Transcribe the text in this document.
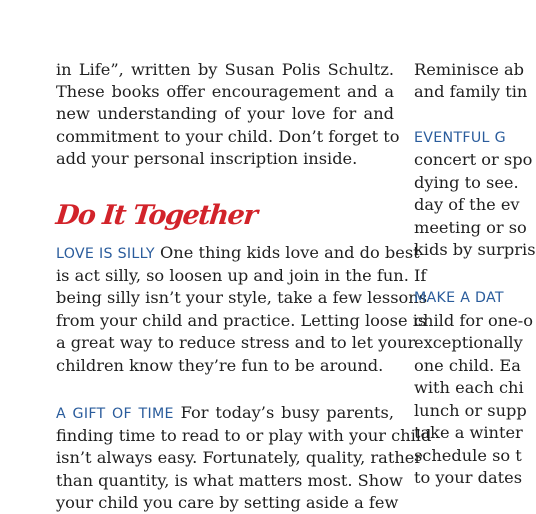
in Life”, written by Susan Polis Schultz.
These books offer encouragement and a
new understanding of your love for and
commitment to your child. Don’t forget to
add your personal inscription inside.
Do It Together
LOVE IS SILLY One thing kids love and do best
is act silly, so loosen up and join in the fun. If
being silly isn’t your style, take a few lessons
from your child and practice. Letting loose is
a great way to reduce stress and to let your
children know they’re fun to be around.
A GIFT OF TIME For today’s busy parents,
finding time to read to or play with your child
isn’t always easy. Fortunately, quality, rather
than quantity, is what matters most. Show
your child you care by setting aside a few
Reminisce ab
and family tin
EVENTFUL G
concert or spo
dying to see.
day of the ev
meeting or so
kids by surpris
MAKE A DAT
child for one-o
exceptionally
one child. Ea
with each chi
lunch or supp
take a winter
schedule so t
to your dates
